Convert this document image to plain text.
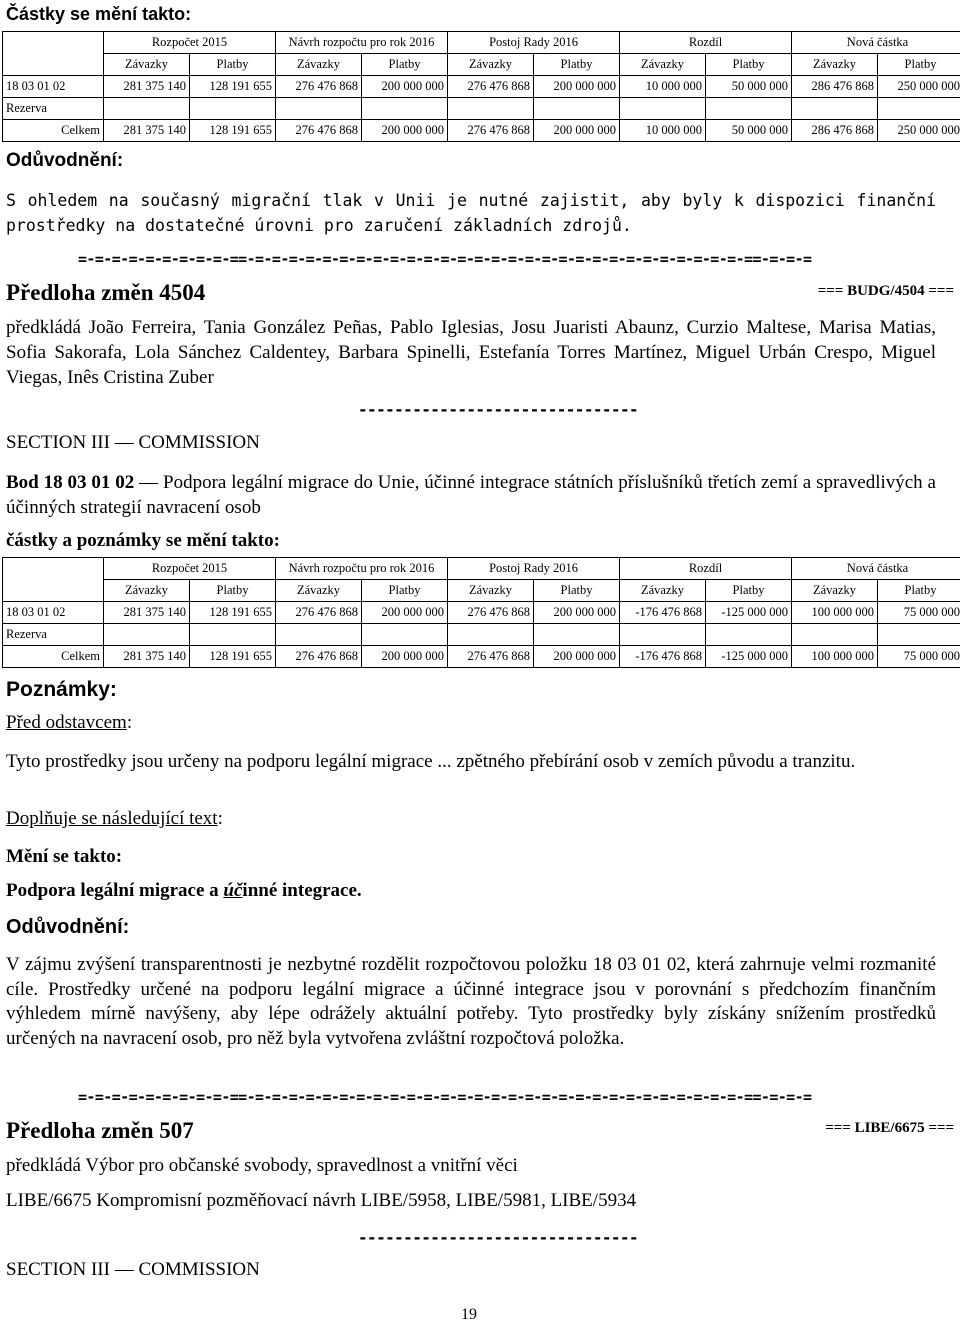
Částky se mění takto:
	Rozpočet 2015		Návrh rozpočtu pro rok 2016		Postoj Rady 2016		Rozdíl		Nová částka	
	Závazky	Platby	Závazky	Platby	Závazky	Platby	Závazky	Platby	Závazky	Platby
18 03 01 02	281 375 140	128 191 655	276 476 868	200 000 000	276 476 868	200 000 000	10 000 000	50 000 000	286 476 868	250 000 000
Rezerva										
Celkem	281 375 140	128 191 655	276 476 868	200 000 000	276 476 868	200 000 000	10 000 000	50 000 000	286 476 868	250 000 000
Odůvodnění:
S ohledem na současný migrační tlak v Unii je nutné zajistit, aby byly k dispozici finanční prostředky na dostatečné úrovni pro zaručení základních zdrojů.
=-=-=-=-=-=-=-=-=-==-=-=-=-=-=-=-=-=-=-=-=-=-=-=-=-=-=-=-=-=-=-=-=-=-=-=-=-=-=-==-=-=-=
Předloha změn 4504	=== BUDG/4504 ===
předkládá João Ferreira, Tania González Peñas, Pablo Iglesias, Josu Juaristi Abaunz, Curzio Maltese, Marisa Matias, Sofia Sakorafa, Lola Sánchez Caldentey, Barbara Spinelli, Estefanía Torres Martínez, Miguel Urbán Crespo, Miguel Viegas, Inês Cristina Zuber
-------------------------------
SECTION III — COMMISSION
Bod 18 03 01 02 — Podpora legální migrace do Unie, účinné integrace státních příslušníků třetích zemí a spravedlivých a účinných strategií navracení osob
částky a poznámky se mění takto:
	Rozpočet 2015		Návrh rozpočtu pro rok 2016		Postoj Rady 2016		Rozdíl		Nová částka	
	Závazky	Platby	Závazky	Platby	Závazky	Platby	Závazky	Platby	Závazky	Platby
18 03 01 02	281 375 140	128 191 655	276 476 868	200 000 000	276 476 868	200 000 000	-176 476 868	-125 000 000	100 000 000	75 000 000
Rezerva										
Celkem	281 375 140	128 191 655	276 476 868	200 000 000	276 476 868	200 000 000	-176 476 868	-125 000 000	100 000 000	75 000 000
Poznámky:
Před odstavcem:
Tyto prostředky jsou určeny na podporu legální migrace ... zpětného přebírání osob v zemích původu a tranzitu.
Doplňuje se následující text:
Mění se takto:
Podpora legální migrace a účinné integrace.
Odůvodnění:
V zájmu zvýšení transparentnosti je nezbytné rozdělit rozpočtovou položku 18 03 01 02, která zahrnuje velmi rozmanité cíle. Prostředky určené na podporu legální migrace a účinné integrace jsou v porovnání s předchozím finančním výhledem mírně navýšeny, aby lépe odrážely aktuální potřeby. Tyto prostředky byly získány snížením prostředků určených na navracení osob, pro něž byla vytvořena zvláštní rozpočtová položka.
=-=-=-=-=-=-=-=-=-==-=-=-=-=-=-=-=-=-=-=-=-=-=-=-=-=-=-=-=-=-=-=-=-=-=-=-=-=-=-==-=-=-=
Předloha změn 507	=== LIBE/6675 ===
předkládá Výbor pro občanské svobody, spravedlnost a vnitřní věci
LIBE/6675 Kompromisní pozměňovací návrh LIBE/5958, LIBE/5981, LIBE/5934
-------------------------------
SECTION III — COMMISSION
19
